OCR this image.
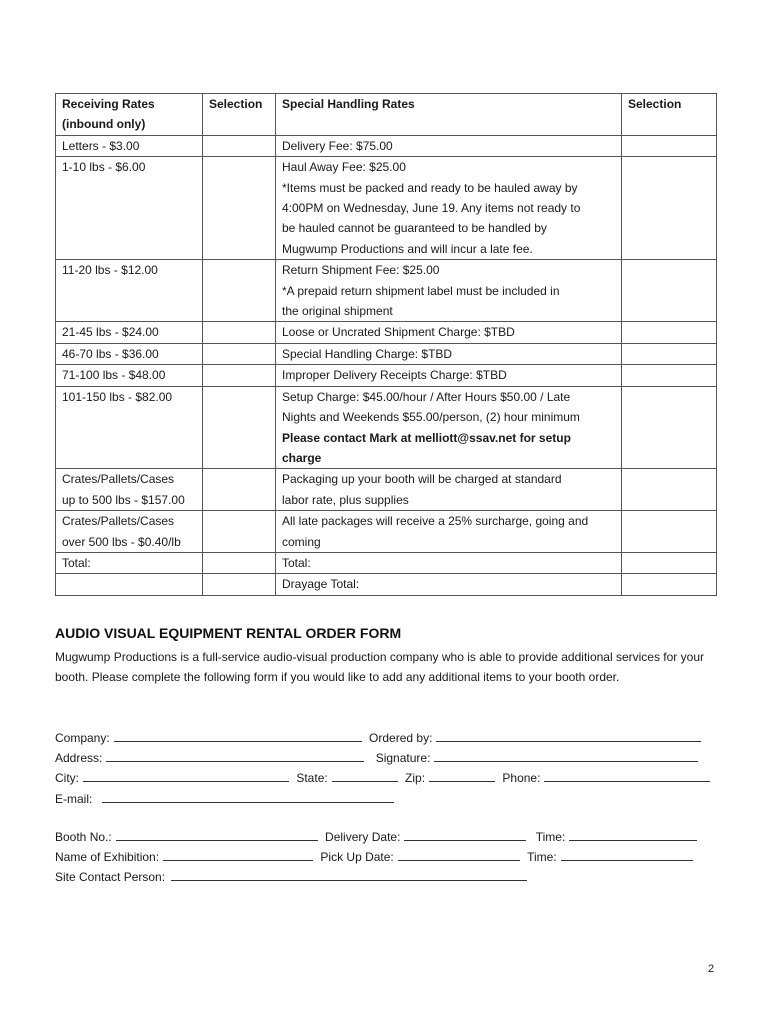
Receiving Rates
(inbound only)	Selection	Special Handling Rates	Selection

Letters - $3.00		Delivery Fee: $75.00	

1-10 lbs - $6.00		Haul Away Fee: $25.00
*Items must be packed and ready to be hauled away by
4:00PM on Wednesday, June 19. Any items not ready to
be hauled cannot be guaranteed to be handled by
Mugwump Productions and will incur a late fee.	

11-20 lbs - $12.00		Return Shipment Fee: $25.00
*A prepaid return shipment label must be included in
the original shipment	

21-45 lbs - $24.00		Loose or Uncrated Shipment Charge: $TBD	

46-70 lbs - $36.00		Special Handling Charge: $TBD	

71-100 lbs - $48.00		Improper Delivery Receipts Charge: $TBD	

101-150 lbs - $82.00		Setup Charge: $45.00/hour / After Hours $50.00 / Late
Nights and Weekends $55.00/person, (2) hour minimum
Please contact Mark at melliott@ssav.net for setup
charge	

Crates/Pallets/Cases
up to 500 lbs - $157.00		Packaging up your booth will be charged at standard
labor rate, plus supplies	

Crates/Pallets/Cases
over 500 lbs - $0.40/lb		All late packages will receive a 25% surcharge, going and
coming	

Total:		Total:	

		Drayage Total:	

AUDIO VISUAL EQUIPMENT RENTAL ORDER FORM
Mugwump Productions is a full-service audio-visual production company who is able to provide additional services for your booth. Please complete the following form if you would like to add any additional items to your booth order.
Company:	Ordered by:
Address:	Signature:
City:	State:	Zip:	Phone:
E-mail:
Booth No.:	Delivery Date:	Time:
Name of Exhibition:	Pick Up Date:	Time:
Site Contact Person:
2
